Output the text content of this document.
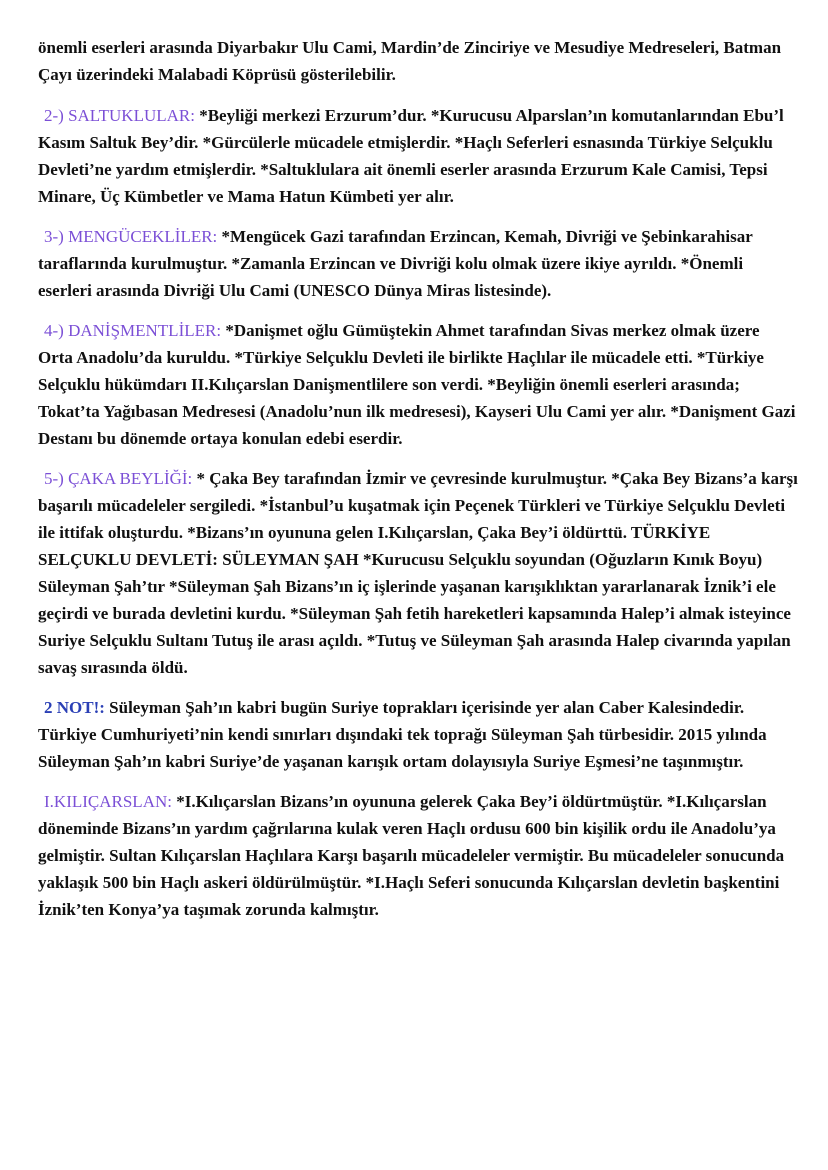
önemli eserleri arasında Diyarbakır Ulu Cami, Mardin’de Zinciriye ve Mesudiye Medreseleri, Batman Çayı üzerindeki Malabadi Köprüsü gösterilebilir.

2-) SALTUKLULAR: *Beyliği merkezi Erzurum’dur. *Kurucusu Alparslan’ın komutanlarından Ebu’l Kasım Saltuk Bey’dir. *Gürcülerle mücadele etmişlerdir. *Haçlı Seferleri esnasında Türkiye Selçuklu Devleti’ne yardım etmişlerdir. *Saltuklulara ait önemli eserler arasında Erzurum Kale Camisi, Tepsi Minare, Üç Kümbetler ve Mama Hatun Kümbeti yer alır.

3-) MENGÜCEKLİLER: *Mengücek Gazi tarafından Erzincan, Kemah, Divriği ve Şebinkarahisar taraflarında kurulmuştur. *Zamanla Erzincan ve Divriği kolu olmak üzere ikiye ayrıldı. *Önemli eserleri arasında Divriği Ulu Cami (UNESCO Dünya Miras listesinde).

4-) DANİŞMENTLİLER: *Danişmet oğlu Gümüştekin Ahmet tarafından Sivas merkez olmak üzere Orta Anadolu’da kuruldu. *Türkiye Selçuklu Devleti ile birlikte Haçlılar ile mücadele etti. *Türkiye Selçuklu hükümdarı II.Kılıçarslan Danişmentlilere son verdi. *Beyliğin önemli eserleri arasında; Tokat’ta Yağıbasan Medresesi (Anadolu’nun ilk medresesi), Kayseri Ulu Cami yer alır. *Danişment Gazi Destanı bu dönemde ortaya konulan edebi eserdir.

5-) ÇAKA BEYLİĞİ: * Çaka Bey tarafından İzmir ve çevresinde kurulmuştur. *Çaka Bey Bizans’a karşı başarılı mücadeleler sergiledi. *İstanbul’u kuşatmak için Peçenek Türkleri ve Türkiye Selçuklu Devleti ile ittifak oluşturdu. *Bizans’ın oyununa gelen I.Kılıçarslan, Çaka Bey’i öldürttü. TÜRKİYE SELÇUKLU DEVLETİ: SÜLEYMAN ŞAH *Kurucusu Selçuklu soyundan (Oğuzların Kınık Boyu) Süleyman Şah’tır *Süleyman Şah Bizans’ın iç işlerinde yaşanan karışıklıktan yararlanarak İznik’i ele geçirdi ve burada devletini kurdu. *Süleyman Şah fetih hareketleri kapsamında Halep’i almak isteyince Suriye Selçuklu Sultanı Tutuş ile arası açıldı. *Tutuş ve Süleyman Şah arasında Halep civarında yapılan savaş sırasında öldü.

2 NOT!: Süleyman Şah’ın kabri bugün Suriye toprakları içerisinde yer alan Caber Kalesindedir. Türkiye Cumhuriyeti’nin kendi sınırları dışındaki tek toprağı Süleyman Şah türbesidir. 2015 yılında Süleyman Şah’ın kabri Suriye’de yaşanan karışık ortam dolayısıyla Suriye Eşmesi’ne taşınmıştır.

I.KILIÇARSLAN: *I.Kılıçarslan Bizans’ın oyununa gelerek Çaka Bey’i öldürtmüştür. *I.Kılıçarslan döneminde Bizans’ın yardım çağrılarına kulak veren Haçlı ordusu 600 bin kişilik ordu ile Anadolu’ya gelmiştir. Sultan Kılıçarslan Haçlılara Karşı başarılı mücadeleler vermiştir. Bu mücadeleler sonucunda yaklaşık 500 bin Haçlı askeri öldürülmüştür. *I.Haçlı Seferi sonucunda Kılıçarslan devletin başkentini İznik’ten Konya’ya taşımak zorunda kalmıştır.
